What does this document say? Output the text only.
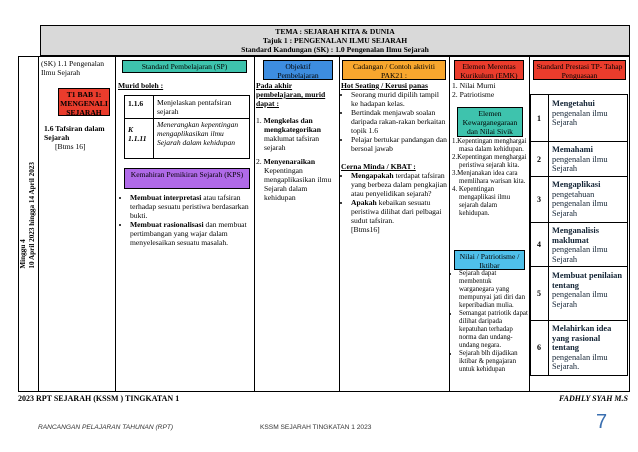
TEMA : SEJARAH KITA & DUNIA
Tajuk 1 : PENGENALAN ILMU SEJARAH
Standard Kandungan (SK) : 1.0 Pengenalan Ilmu Sejarah
Minggu 4 10 April 2023 hingga 14 April 2023
(SK) 1.1 Pengenalan Ilmu Sejarah
T1 BAB 1: MENGENALI SEJARAH
1.6 Tafsiran dalam Sejarah
[Btms 16]
Standard Pembelajaran (SP)
Murid boleh :
1.1.6 Menjelaskan pentafsiran sejarah
K 1.1.11
Menerangkan kepentingan mengaplikasikan ilmu Sejarah dalam kehidupan
Kemahiran Pemikiran Sejarah (KPS)
• Membuat interpretasi atau tafsiran terhadap sesuatu peristiwa berdasarkan bukti.
• Membuat rasionalisasi dan membuat pertimbangan yang wajar dalam menyelesaikan sesuatu masalah.
Objektif Pembelajaran
Pada akhir pembelajaran, murid dapat :
1. Mengkelas dan mengkategorikan maklumat tafsiran sejarah
2. Menyenaraikan Kepentingan mengaplikasikan ilmu Sejarah dalam kehidupan
Cadangan / Contoh aktiviti PAK21 :
Hot Seating / Kerusi panas
• Seorang murid dipilih tampil ke hadapan kelas.
• Bertindak menjawab soalan daripada rakan-rakan berkaitan topik 1.6
• Pelajar bertukar pandangan dan bersoal jawab
Cerna Minda / KBAT :
• Mengapakah terdapat tafsiran yang berbeza dalam pengkajian atau penyelidikan sejarah?
• Apakah kebaikan sesuatu peristiwa dilihat dari pelbagai sudut tafsiran.
[Btms16]
Elemen Merentas Kurikulum (EMK)
1. Nilai Murni
2. Patriotisme
Elemen Kewarganegaraan dan Nilai Sivik
1.Kepentingan menghargai masa dalam kehidupan.
2.Kepentingan menghargai peristiwa sejarah kita.
3.Menjanakan idea cara memlihara warisan kita.
4. Kepentingan mengaplikasi ilmu sejarah dalam kehidupan.
Nilai / Patriotisme / Iktibar
• Sejarah dapat membentuk warganegara yang mempunyai jati diri dan keperibadian mulia.
• Semangat patriotik dapat dilihat daripada kepatuhan terhadap norma dan undang-undang negara.
• Sejarah blh dijadikan iktibar & pengajaran untuk kehidupan
Standard Prestasi TP- Tahap Penguasaan
1
Mengetahui
pengenalan ilmu Sejarah
2
Memahami
pengenalan ilmu Sejarah
3
Mengaplikasi
pengetahuan pengenalan ilmu Sejarah
4
Menganalisis maklumat
pengenalan ilmu Sejarah
5
Membuat penilaian tentang
pengenalan ilmu Sejarah
6
Melahirkan idea yang rasional tentang
pengenalan ilmu Sejarah.
FADHLY SYAH M.S
2023 RPT SEJARAH (KSSM ) TINGKATAN 1
RANCANGAN PELAJARAN TAHUNAN (RPT)	KSSM SEJARAH TINGKATAN 1 2023	7
